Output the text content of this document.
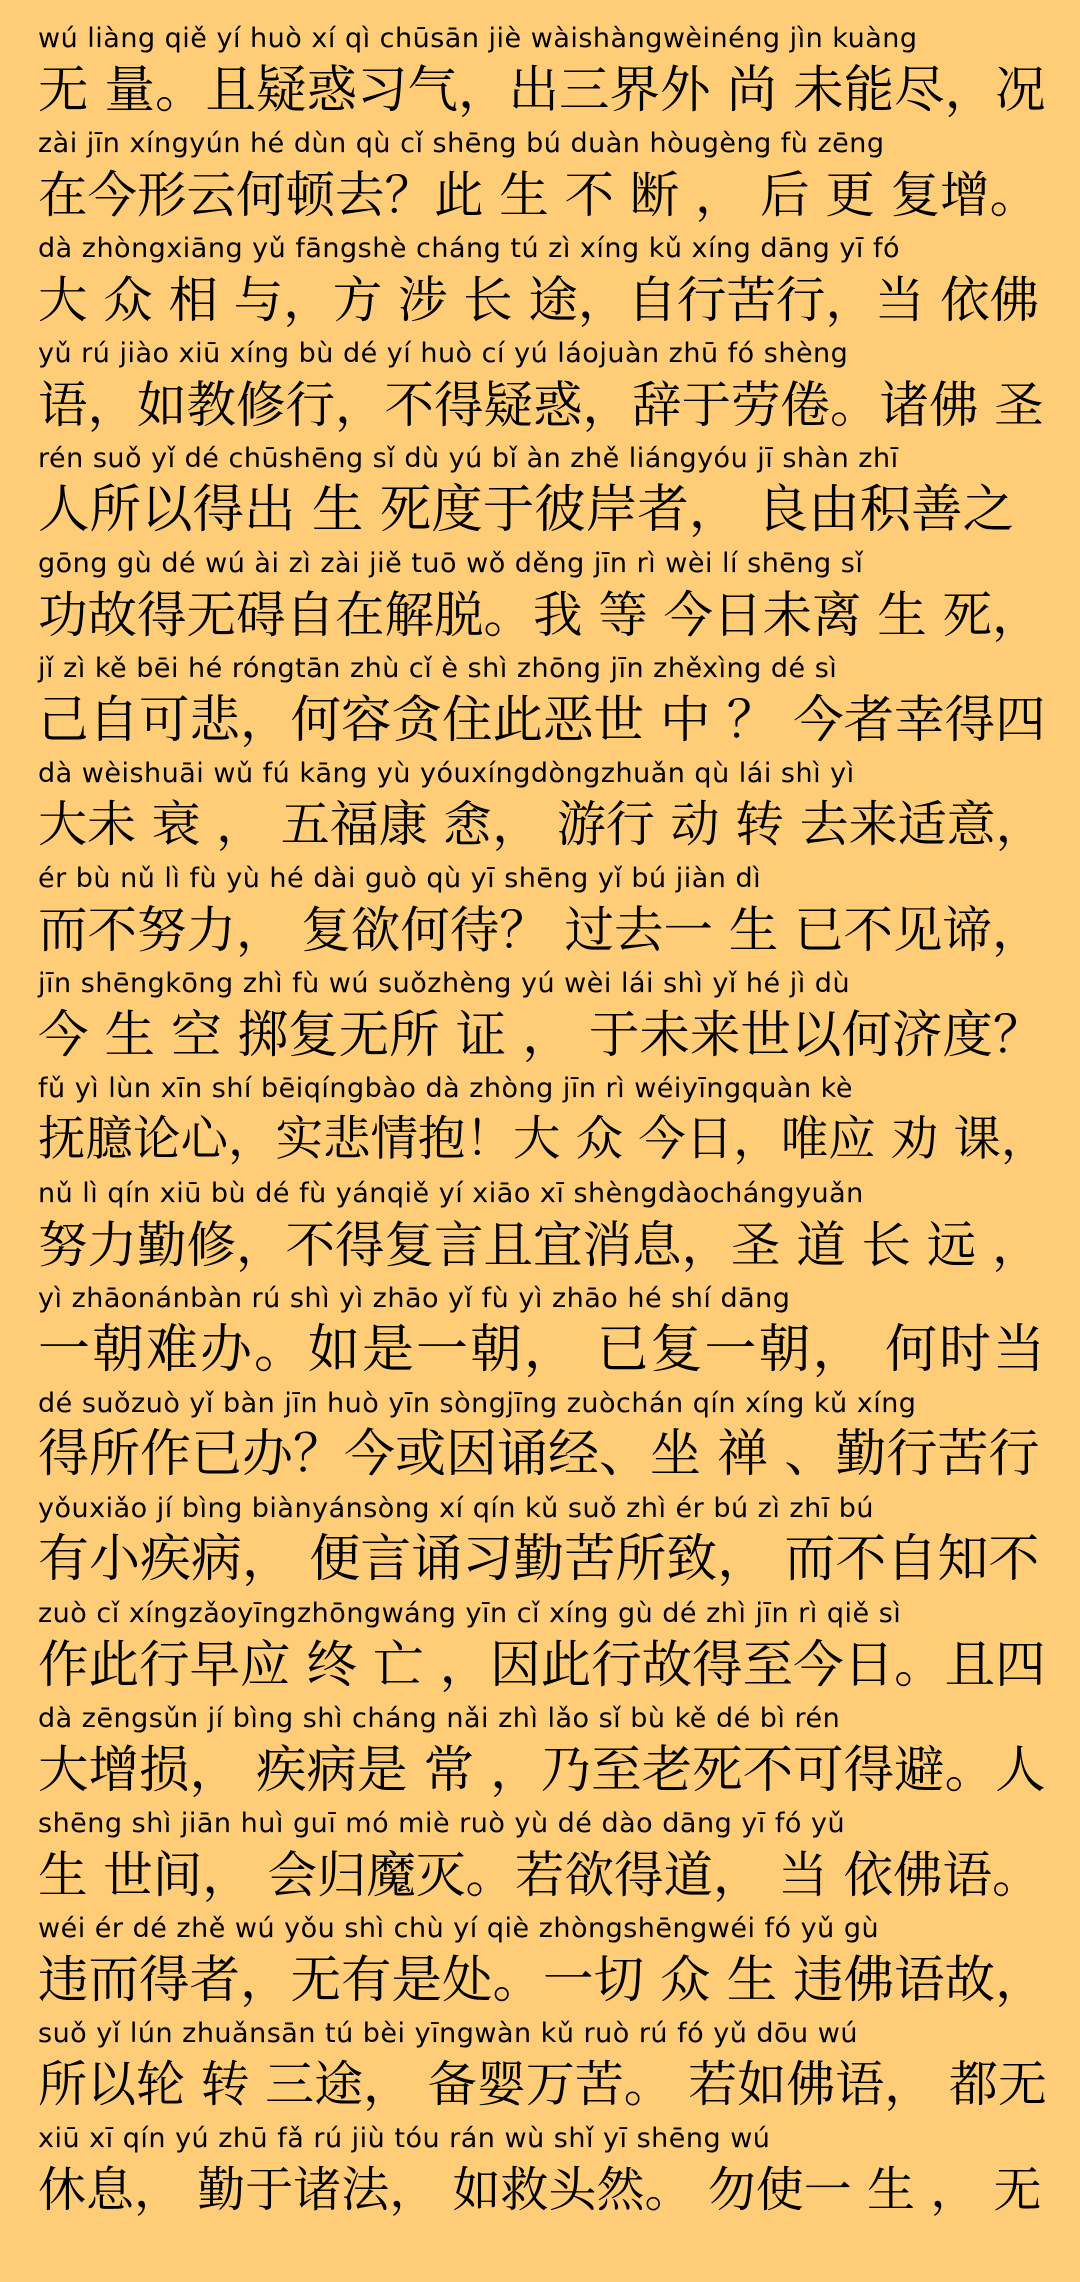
wú liàng qiě yí huò xí qì chūsān jiè wàishàngwèinéng jìn kuàng
无 量。且疑惑习气，出三界外 尚 未能尽，况
zài jīn xíngyún hé dùn qù cǐ shēng bú duàn hòugèng fù zēng
在今形云何顿去？此 生 不 断 ， 后 更 复增。
dà zhòngxiāng yǔ fāngshè cháng tú zì xíng kǔ xíng dāng yī fó
大 众 相 与，方 涉 长 途，自行苦行，当 依佛
yǔ rú jiào xiū xíng bù dé yí huò cí yú láojuàn zhū fó shèng
语，如教修行，不得疑惑，辞于劳倦。诸佛 圣
rén suǒ yǐ dé chūshēng sǐ dù yú bǐ àn zhě liángyóu jī shàn zhī
人所以得出 生 死度于彼岸者， 良由积善之
gōng gù dé wú ài zì zài jiě tuō wǒ děng jīn rì wèi lí shēng sǐ
功故得无碍自在解脱。我 等 今日未离 生 死，
jǐ zì kě bēi hé róngtān zhù cǐ è shì zhōng jīn zhěxìng dé sì
己自可悲，何容贪住此恶世 中 ？ 今者幸得四
dà wèishuāi wǔ fú kāng yù yóuxíngdòngzhuǎn qù lái shì yì
大未 衰 ， 五福康 悆， 游行 动 转 去来适意，
ér bù nǔ lì fù yù hé dài guò qù yī shēng yǐ bú jiàn dì
而不努力， 复欲何待？ 过去一 生 已不见谛，
jīn shēngkōng zhì fù wú suǒzhèng yú wèi lái shì yǐ hé jì dù
今 生 空 掷复无所 证 ， 于未来世以何济度？
fǔ yì lùn xīn shí bēiqíngbào dà zhòng jīn rì wéiyīngquàn kè
抚臆论心，实悲情抱！大 众 今日，唯应 劝 课，
nǔ lì qín xiū bù dé fù yánqiě yí xiāo xī shèngdàochángyuǎn
努力勤修，不得复言且宜消息，圣 道 长 远 ，
yì zhāonánbàn rú shì yì zhāo yǐ fù yì zhāo hé shí dāng
一朝难办。如是一朝， 已复一朝， 何时当
dé suǒzuò yǐ bàn jīn huò yīn sòngjīng zuòchán qín xíng kǔ xíng
得所作已办？今或因诵经、坐 禅 、勤行苦行
yǒuxiǎo jí bìng biànyánsòng xí qín kǔ suǒ zhì ér bú zì zhī bú
有小疾病， 便言诵习勤苦所致， 而不自知不
zuò cǐ xíngzǎoyīngzhōngwáng yīn cǐ xíng gù dé zhì jīn rì qiě sì
作此行早应 终 亡 ，因此行故得至今日。且四
dà zēngsǔn jí bìng shì cháng nǎi zhì lǎo sǐ bù kě dé bì rén
大增损， 疾病是 常 ，乃至老死不可得避。人
shēng shì jiān huì guī mó miè ruò yù dé dào dāng yī fó yǔ
生 世间， 会归魔灭。若欲得道， 当 依佛语。
wéi ér dé zhě wú yǒu shì chù yí qiè zhòngshēngwéi fó yǔ gù
违而得者，无有是处。一切 众 生 违佛语故，
suǒ yǐ lún zhuǎnsān tú bèi yīngwàn kǔ ruò rú fó yǔ dōu wú
所以轮 转 三途， 备婴万苦。 若如佛语， 都无
xiū xī qín yú zhū fǎ rú jiù tóu rán wù shǐ yī shēng wú
休息， 勤于诸法， 如救头然。 勿使一 生 ， 无
